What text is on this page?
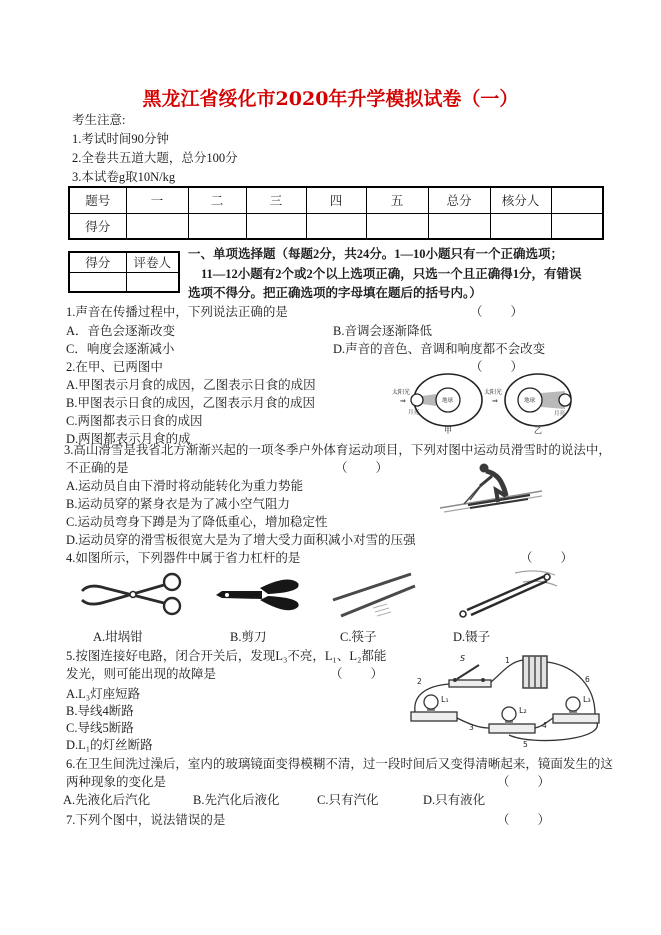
黑龙江省绥化市2020年升学模拟试卷（一）
考生注意:
1.考试时间90分钟
2.全卷共五道大题，总分100分
3.本试卷g取10N/kg
题号	一	二	三	四	五	总分	核分人	
得分								
得分	评卷人

一、单项选择题（每题2分，共24分。1—10小题只有一个正确选项；
11—12小题有2个或2个以上选项正确，只选一个且正确得1分，有错误
选项不得分。把正确选项的字母填在题后的括号内。）
1.声音在传播过程中，下列说法正确的是	（　　）
A．音色会逐渐改变	B.音调会逐渐降低
C．响度会逐渐减小	D.声音的音色、音调和响度都不会改变
2.在甲、已两图中	（　　）
A.甲图表示月食的成因，乙图表示日食的成因
B.甲图表示日食的成因，乙图表示月食的成因
C.两图都表示日食的成因
D.两图都表示月食的成
太阳光
⇒	地球
月亮
甲
太阳光
⇒	地球
月亮
乙
3.高山滑雪是我省北方渐渐兴起的一项冬季户外体育运动项目，下列对图中运动员滑雪时的说法中，
不正确的是	（　　）
A.运动员自由下滑时将动能转化为重力势能
B.运动员穿的紧身衣是为了减小空气阻力
C.运动员弯身下蹲是为了降低重心，增加稳定性
D.运动员穿的滑雪板很宽大是为了增大受力面积减小对雪的压强
4.如图所示，下列器件中属于省力杠杆的是	（　　）
A.坩埚钳	B.剪刀	C.筷子	D.镊子
5.按图连接好电路，闭合开关后，发现L₃不亮，L₁、L₂都能
发光，则可能出现的故障是	（　　）
A.L₃灯座短路
B.导线4断路
C.导线5断路
D.L₁的灯丝断路
S
L₁
L₂
L₃
1
2
3	4
5
6
6.在卫生间洗过澡后，室内的玻璃镜面变得模糊不清，过一段时间后又变得清晰起来，镜面发生的这
两种现象的变化是	（　　）
A.先液化后汽化	B.先汽化后液化	C.只有汽化	D.只有液化
7.下列个图中，说法错误的是	（　　）
